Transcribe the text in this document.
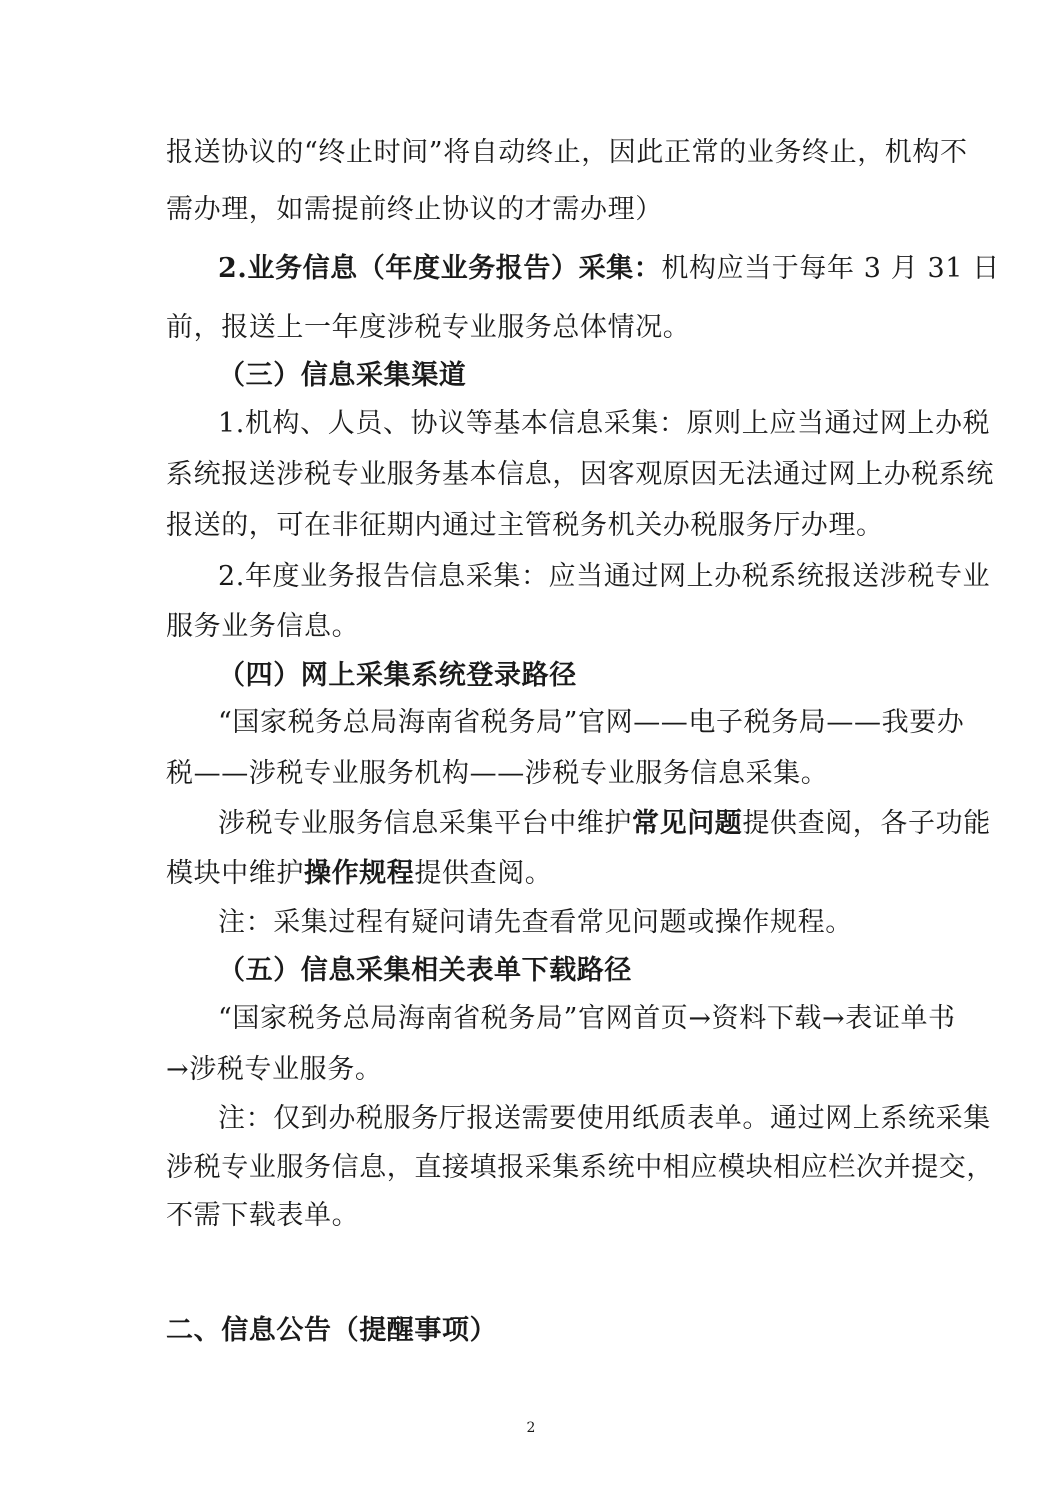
报送协议的“终止时间”将自动终止，因此正常的业务终止，机构不
需办理，如需提前终止协议的才需办理）
2.业务信息（年度业务报告）采集：机构应当于每年 3 月 31 日
前，报送上一年度涉税专业服务总体情况。
（三）信息采集渠道
1.机构、人员、协议等基本信息采集：原则上应当通过网上办税
系统报送涉税专业服务基本信息，因客观原因无法通过网上办税系统
报送的，可在非征期内通过主管税务机关办税服务厅办理。
2.年度业务报告信息采集：应当通过网上办税系统报送涉税专业
服务业务信息。
（四）网上采集系统登录路径
“国家税务总局海南省税务局”官网——电子税务局——我要办
税——涉税专业服务机构——涉税专业服务信息采集。
涉税专业服务信息采集平台中维护常见问题提供查阅，各子功能
模块中维护操作规程提供查阅。
注：采集过程有疑问请先查看常见问题或操作规程。
（五）信息采集相关表单下载路径
“国家税务总局海南省税务局”官网首页→资料下载→表证单书
→涉税专业服务。
注：仅到办税服务厅报送需要使用纸质表单。通过网上系统采集
涉税专业服务信息，直接填报采集系统中相应模块相应栏次并提交，
不需下载表单。
二、信息公告（提醒事项）
2
